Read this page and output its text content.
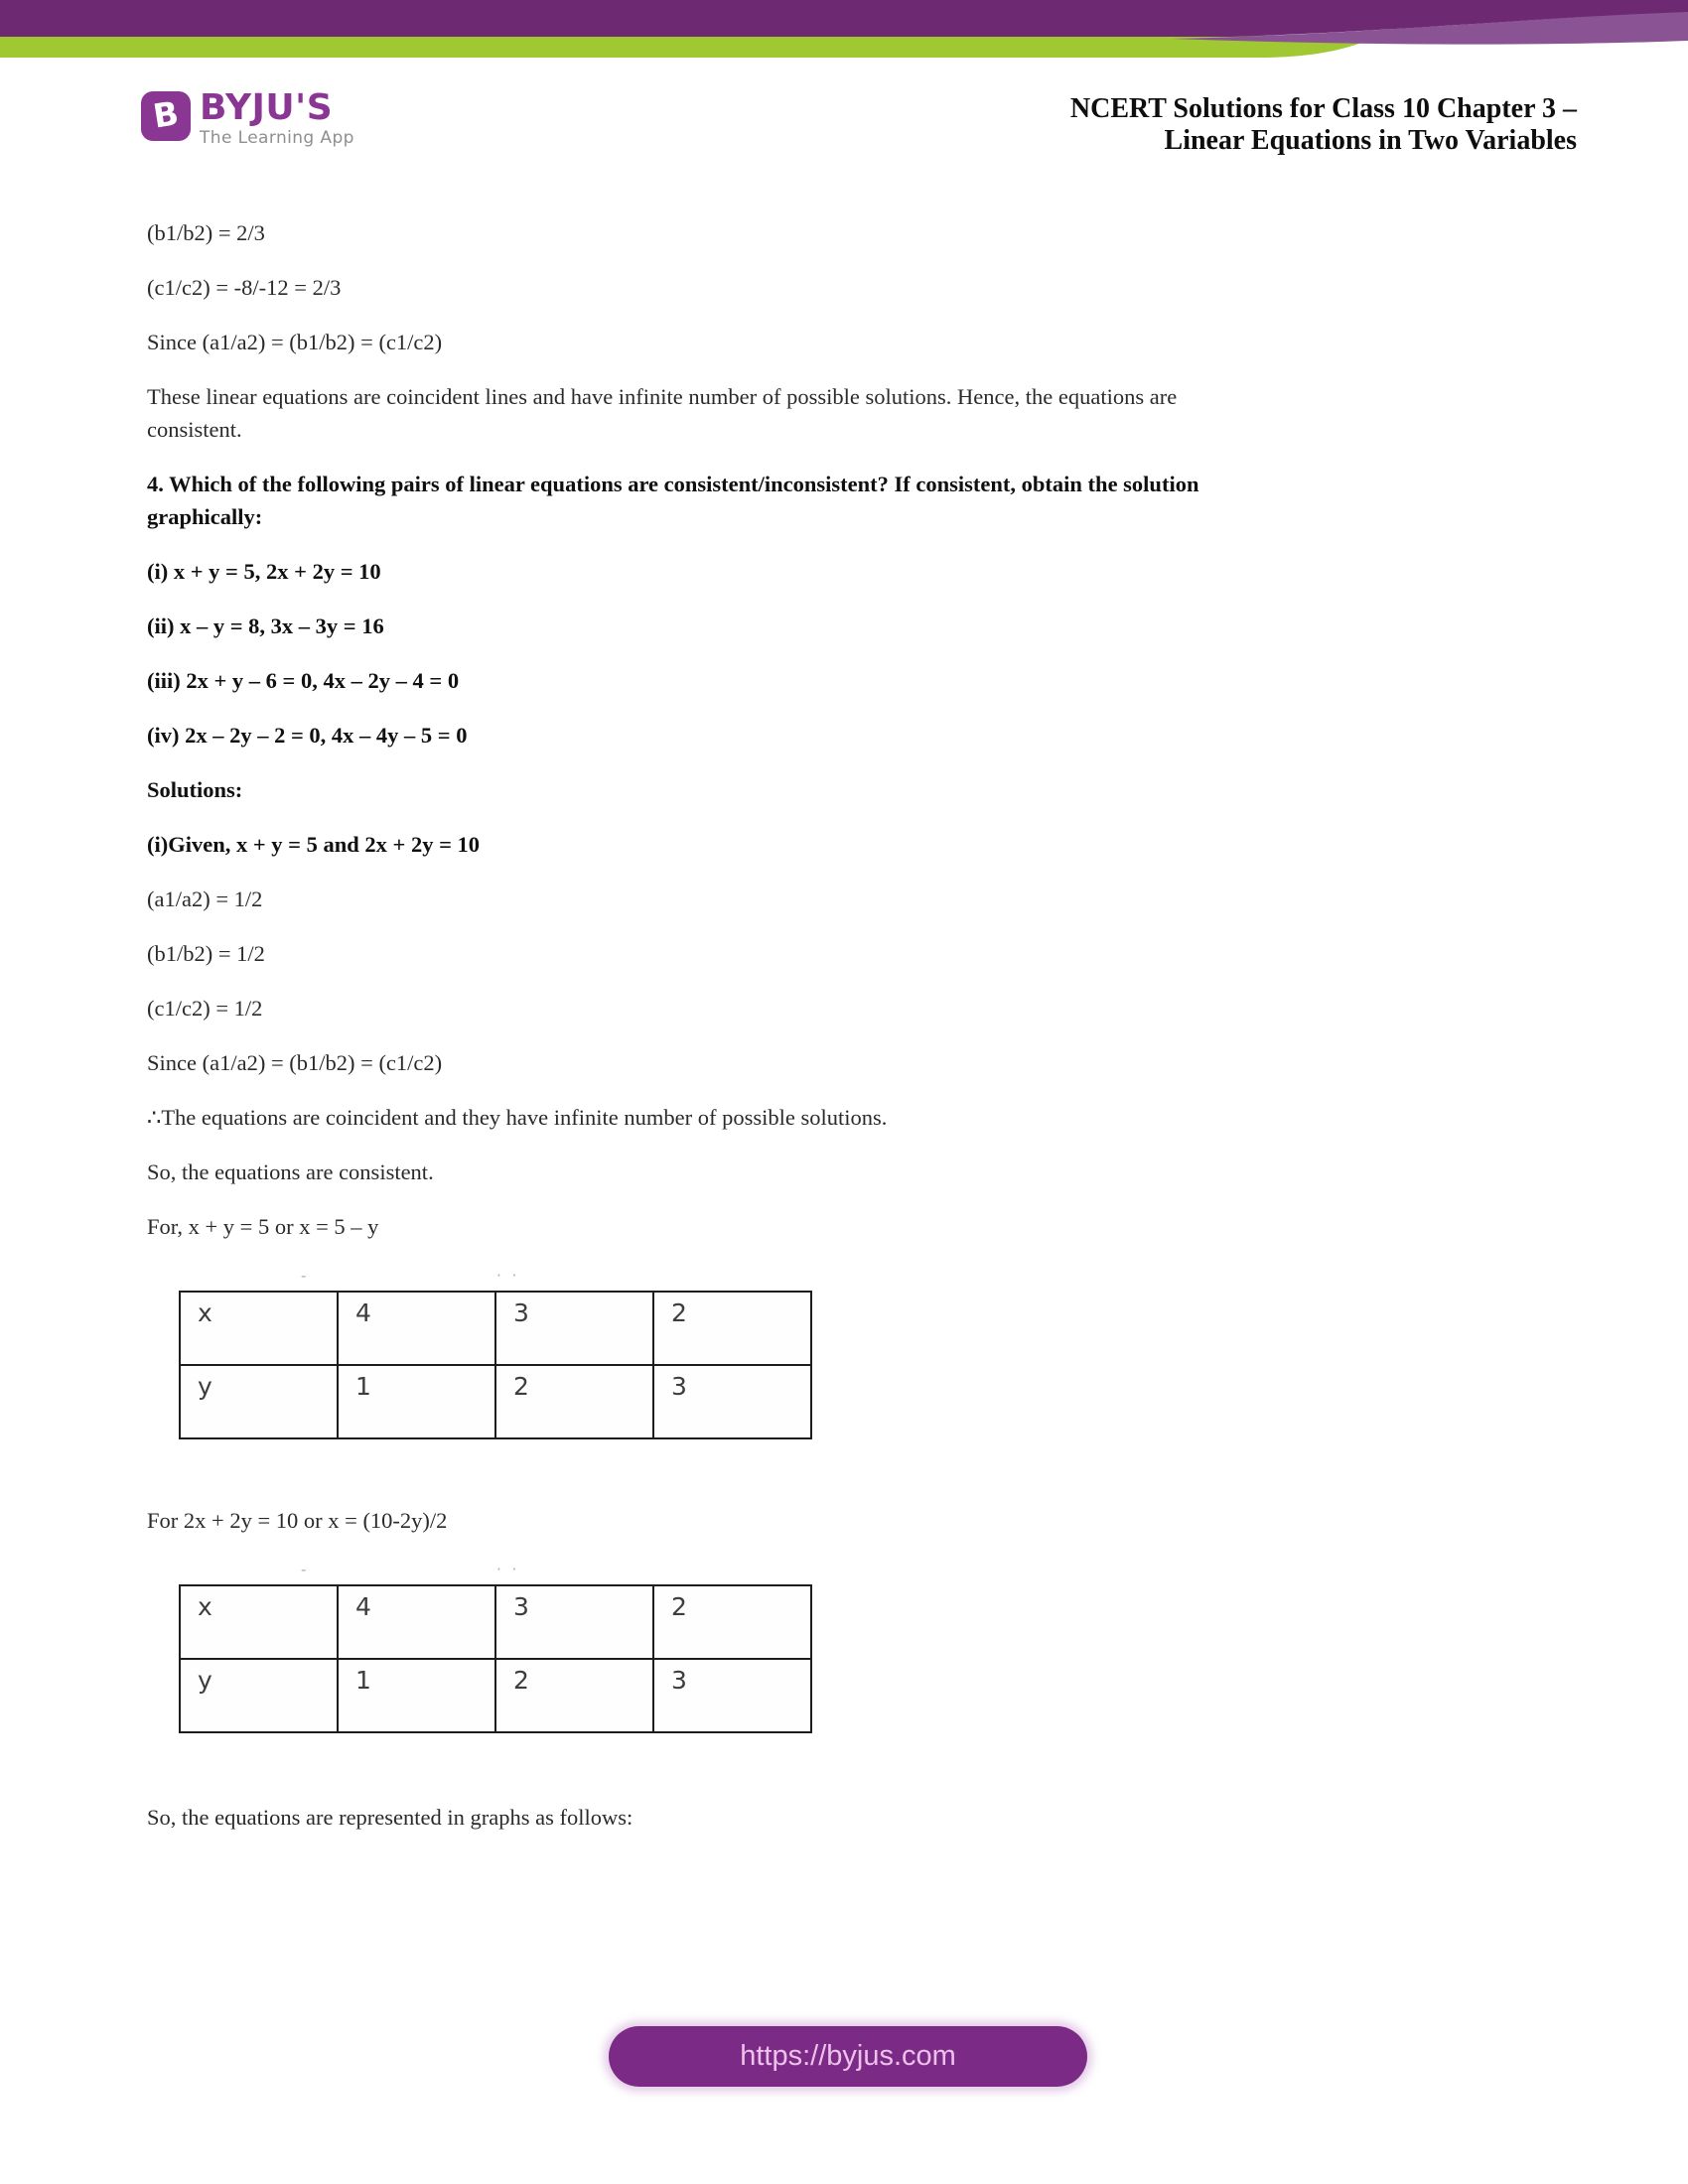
B BYJU'S
The Learning App
NCERT Solutions for Class 10 Chapter 3 –
Linear Equations in Two Variables
(b1/b2) = 2/3
(c1/c2) = -8/-12 = 2/3
Since (a1/a2) = (b1/b2) = (c1/c2)
These linear equations are coincident lines and have infinite number of possible solutions. Hence, the equations are
consistent.
4. Which of the following pairs of linear equations are consistent/inconsistent? If consistent, obtain the solution
graphically:
(i) x + y = 5, 2x + 2y = 10
(ii) x – y = 8, 3x – 3y = 16
(iii) 2x + y – 6 = 0, 4x – 2y – 4 = 0
(iv) 2x – 2y – 2 = 0, 4x – 4y – 5 = 0
Solutions:
(i)Given, x + y = 5 and 2x + 2y = 10
(a1/a2) = 1/2
(b1/b2) = 1/2
(c1/c2) = 1/2
Since (a1/a2) = (b1/b2) = (c1/c2)
∴The equations are coincident and they have infinite number of possible solutions.
So, the equations are consistent.
For, x + y = 5 or x = 5 – y
-	· ·
x	4	3	2
y	1	2	3
For 2x + 2y = 10 or x = (10-2y)/2
-	· ·
x	4	3	2
y	1	2	3
So, the equations are represented in graphs as follows:
https://byjus.com
